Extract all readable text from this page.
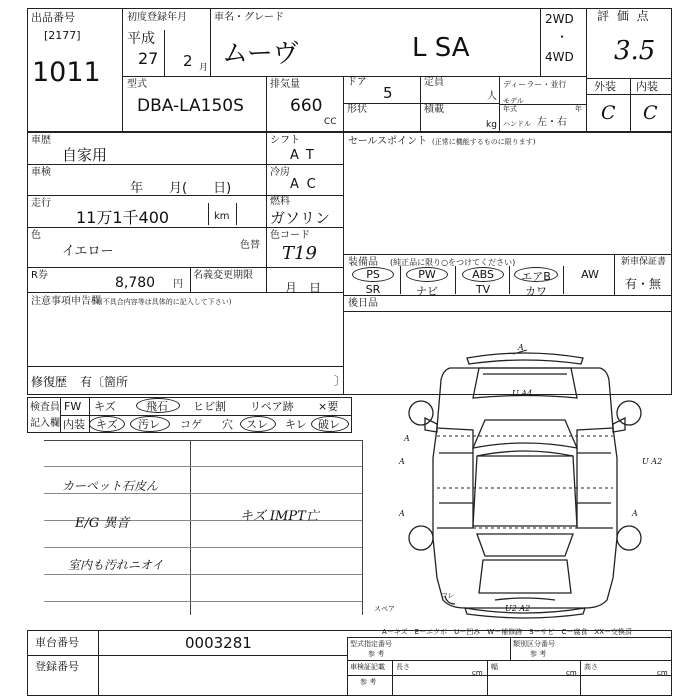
出品番号
[2177]
1011
初度登録年月
平成
27 2 月
車名・グレード
ムーヴ	L SA
2WD
・
4WD
評 価 点
3.5
型式
DBA-LA150S
排気量
660
CC
ドア
5
形状
定員
人
積載
kg
ディーラー・並行
モデル年式	年
ハンドル 左・右
外装 内装
C C
車歴
自家用
シフト
AT
車検
年　　月(　　日)
冷房
AC
走行
11万1千400	km
燃料
ガソリン
色
イエロー	色替
色コード
T19
R券	8,780 円
名義変更期限
月　日
注意事項申告欄 (不具合内容等は具体的に記入して下さい)
修復歴 有〔箇所	〕
セールスポイント (正常に機能するものに限ります)
装備品 (純正品に限り○をつけてください)	新車保証書
有・無
後日品
PS	PW	ABS	エアB	AW
SR	ナビ	TV	カワ
検査員
記入欄
FW
内装
キズ	飛石 ヒビ割 リペア跡 ×要
キズ 汚レ コゲ 穴 スレ キレ 破レ
カーペット石皮ん
E/G 異音	キズ IMPT亡
室内も汚れニオイ
A
U A4
A
A
A
U A2
A
U2 A2
スペア
フレ
A－キズ　E－エクボ　U－凹み　W－補修跡　S－サビ　C－腐食　XX－交換済
車台番号	0003281
登録番号
型式指定番号
参 考
類別区分番号
参 考
車検証記載
参 考
長さ
cm
幅
cm
高さ
cm
